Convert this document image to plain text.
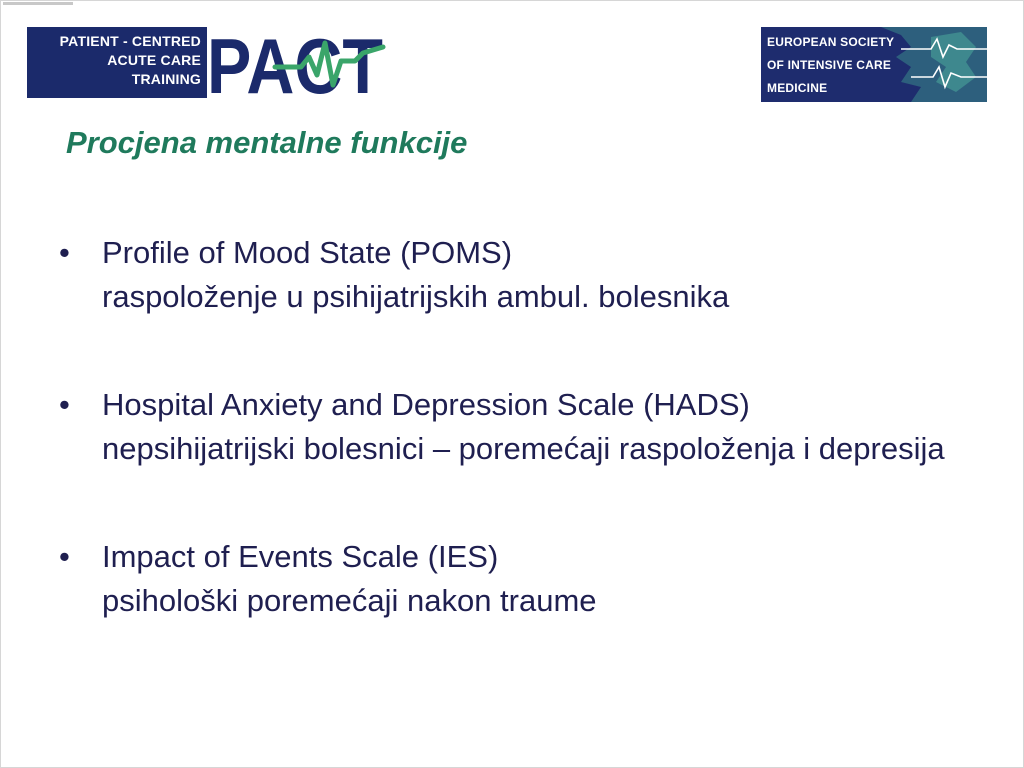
PATIENT - CENTRED
ACUTE CARE
TRAINING PACT	EUROPEAN SOCIETY
OF INTENSIVE CARE
MEDICINE
Procjena mentalne funkcije
•	Profile of Mood State (POMS)
raspoloženje u psihijatrijskih ambul. bolesnika
•	Hospital Anxiety and Depression Scale (HADS)
nepsihijatrijski bolesnici – poremećaji raspoloženja i depresija
•	Impact of Events Scale (IES)
psihološki poremećaji nakon traume
